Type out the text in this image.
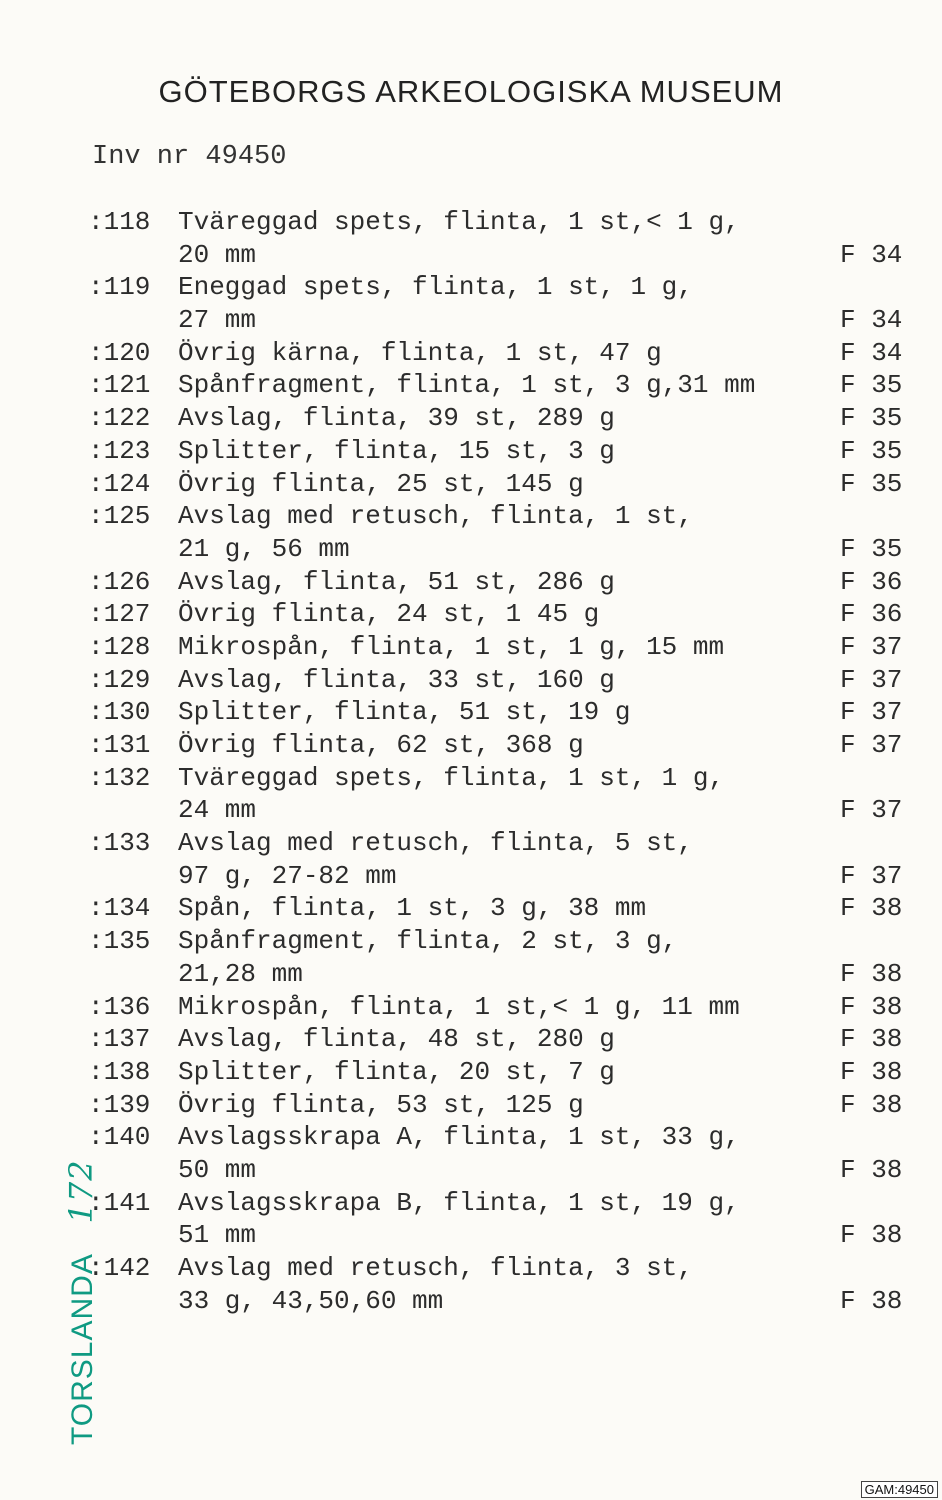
GÖTEBORGS ARKEOLOGISKA MUSEUM
Inv nr 49450
:118	Tväreggad spets, flinta, 1 st,< 1 g,
20 mm	F 34
:119	Eneggad spets, flinta, 1 st, 1 g,
27 mm	F 34
:120	Övrig kärna, flinta, 1 st, 47 g	F 34
:121	Spånfragment, flinta, 1 st, 3 g,31 mm	F 35
:122	Avslag, flinta, 39 st, 289 g	F 35
:123	Splitter, flinta, 15 st, 3 g	F 35
:124	Övrig flinta, 25 st, 145 g	F 35
:125	Avslag med retusch, flinta, 1 st,
21 g, 56 mm	F 35
:126	Avslag, flinta, 51 st, 286 g	F 36
:127	Övrig flinta, 24 st, 1 45 g	F 36
:128	Mikrospån, flinta, 1 st, 1 g, 15 mm	F 37
:129	Avslag, flinta, 33 st, 160 g	F 37
:130	Splitter, flinta, 51 st, 19 g	F 37
:131	Övrig flinta, 62 st, 368 g	F 37
:132	Tväreggad spets, flinta, 1 st, 1 g,
24 mm	F 37
:133	Avslag med retusch, flinta, 5 st,
97 g, 27-82 mm	F 37
:134	Spån, flinta, 1 st, 3 g, 38 mm	F 38
:135	Spånfragment, flinta, 2 st, 3 g,
21,28 mm	F 38
:136	Mikrospån, flinta, 1 st,< 1 g, 11 mm	F 38
:137	Avslag, flinta, 48 st, 280 g	F 38
:138	Splitter, flinta, 20 st, 7 g	F 38
:139	Övrig flinta, 53 st, 125 g	F 38
:140	Avslagsskrapa A, flinta, 1 st, 33 g,
50 mm	F 38
:141	Avslagsskrapa B, flinta, 1 st, 19 g,
51 mm	F 38
:142	Avslag med retusch, flinta, 3 st,
33 g, 43,50,60 mm	F 38
TORSLANDA 172
GAM:49450
